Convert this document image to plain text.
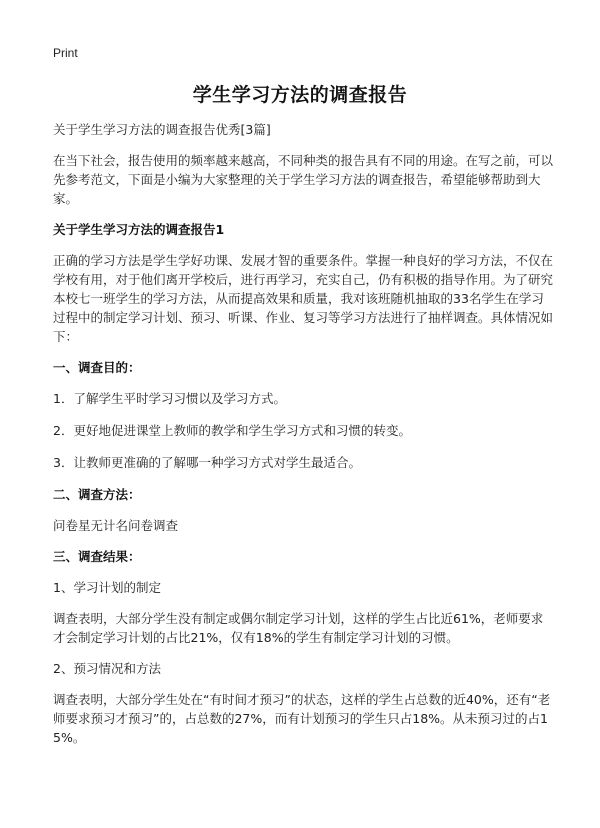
Print
学生学习方法的调查报告
关于学生学习方法的调查报告优秀[3篇]
在当下社会，报告使用的频率越来越高，不同种类的报告具有不同的用途。在写之前，可以先参考范文，下面是小编为大家整理的关于学生学习方法的调查报告，希望能够帮助到大家。
关于学生学习方法的调查报告1
正确的学习方法是学生学好功课、发展才智的重要条件。掌握一种良好的学习方法，不仅在学校有用，对于他们离开学校后，进行再学习，充实自己，仍有积极的指导作用。为了研究本校七一班学生的学习方法，从而提高效果和质量，我对该班随机抽取的33名学生在学习过程中的制定学习计划、预习、听课、作业、复习等学习方法进行了抽样调查。具体情况如下：
一、调查目的：
1．了解学生平时学习习惯以及学习方式。
2．更好地促进课堂上教师的教学和学生学习方式和习惯的转变。
3．让教师更准确的了解哪一种学习方式对学生最适合。
二、调查方法：
问卷星无计名问卷调查
三、调查结果：
1、学习计划的制定
调查表明，大部分学生没有制定或偶尔制定学习计划，这样的学生占比近61%，老师要求才会制定学习计划的占比21%，仅有18%的学生有制定学习计划的习惯。
2、预习情况和方法
调查表明，大部分学生处在“有时间才预习”的状态，这样的学生占总数的近40%，还有“老师要求预习才预习”的，占总数的27%，而有计划预习的学生只占18%。从未预习过的占15%。
